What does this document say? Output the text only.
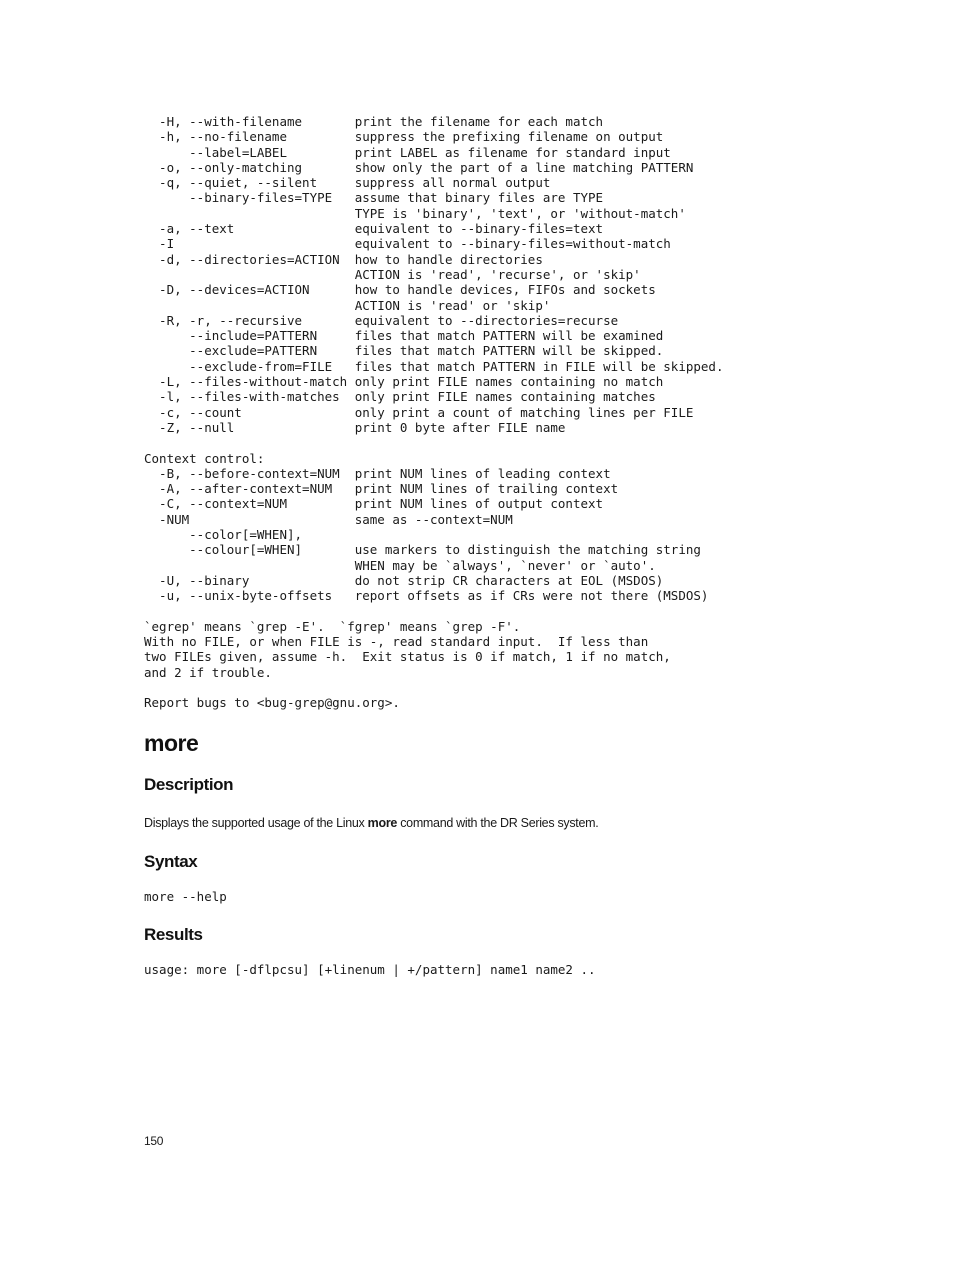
-H, --with-filename       print the filename for each match
-h, --no-filename         suppress the prefixing filename on output
--label=LABEL         print LABEL as filename for standard input
-o, --only-matching       show only the part of a line matching PATTERN
-q, --quiet, --silent     suppress all normal output
--binary-files=TYPE   assume that binary files are TYPE
TYPE is 'binary', 'text', or 'without-match'
-a, --text                equivalent to --binary-files=text
-I                        equivalent to --binary-files=without-match
-d, --directories=ACTION  how to handle directories
ACTION is 'read', 'recurse', or 'skip'
-D, --devices=ACTION      how to handle devices, FIFOs and sockets
ACTION is 'read' or 'skip'
-R, -r, --recursive       equivalent to --directories=recurse
--include=PATTERN     files that match PATTERN will be examined
--exclude=PATTERN     files that match PATTERN will be skipped.
--exclude-from=FILE   files that match PATTERN in FILE will be skipped.
-L, --files-without-match only print FILE names containing no match
-l, --files-with-matches  only print FILE names containing matches
-c, --count               only print a count of matching lines per FILE
-Z, --null                print 0 byte after FILE name

Context control:
-B, --before-context=NUM  print NUM lines of leading context
-A, --after-context=NUM   print NUM lines of trailing context
-C, --context=NUM         print NUM lines of output context
-NUM                      same as --context=NUM
--color[=WHEN],
--colour[=WHEN]       use markers to distinguish the matching string
WHEN may be `always', `never' or `auto'.
-U, --binary              do not strip CR characters at EOL (MSDOS)
-u, --unix-byte-offsets   report offsets as if CRs were not there (MSDOS)

`egrep' means `grep -E'.  `fgrep' means `grep -F'.
With no FILE, or when FILE is -, read standard input.  If less than
two FILEs given, assume -h.  Exit status is 0 if match, 1 if no match,
and 2 if trouble.

Report bugs to <bug-grep@gnu.org>.
more
Description

Displays the supported usage of the Linux more command with the DR Series system.

Syntax
more --help
Results
usage: more [-dflpcsu] [+linenum | +/pattern] name1 name2 ..
150
